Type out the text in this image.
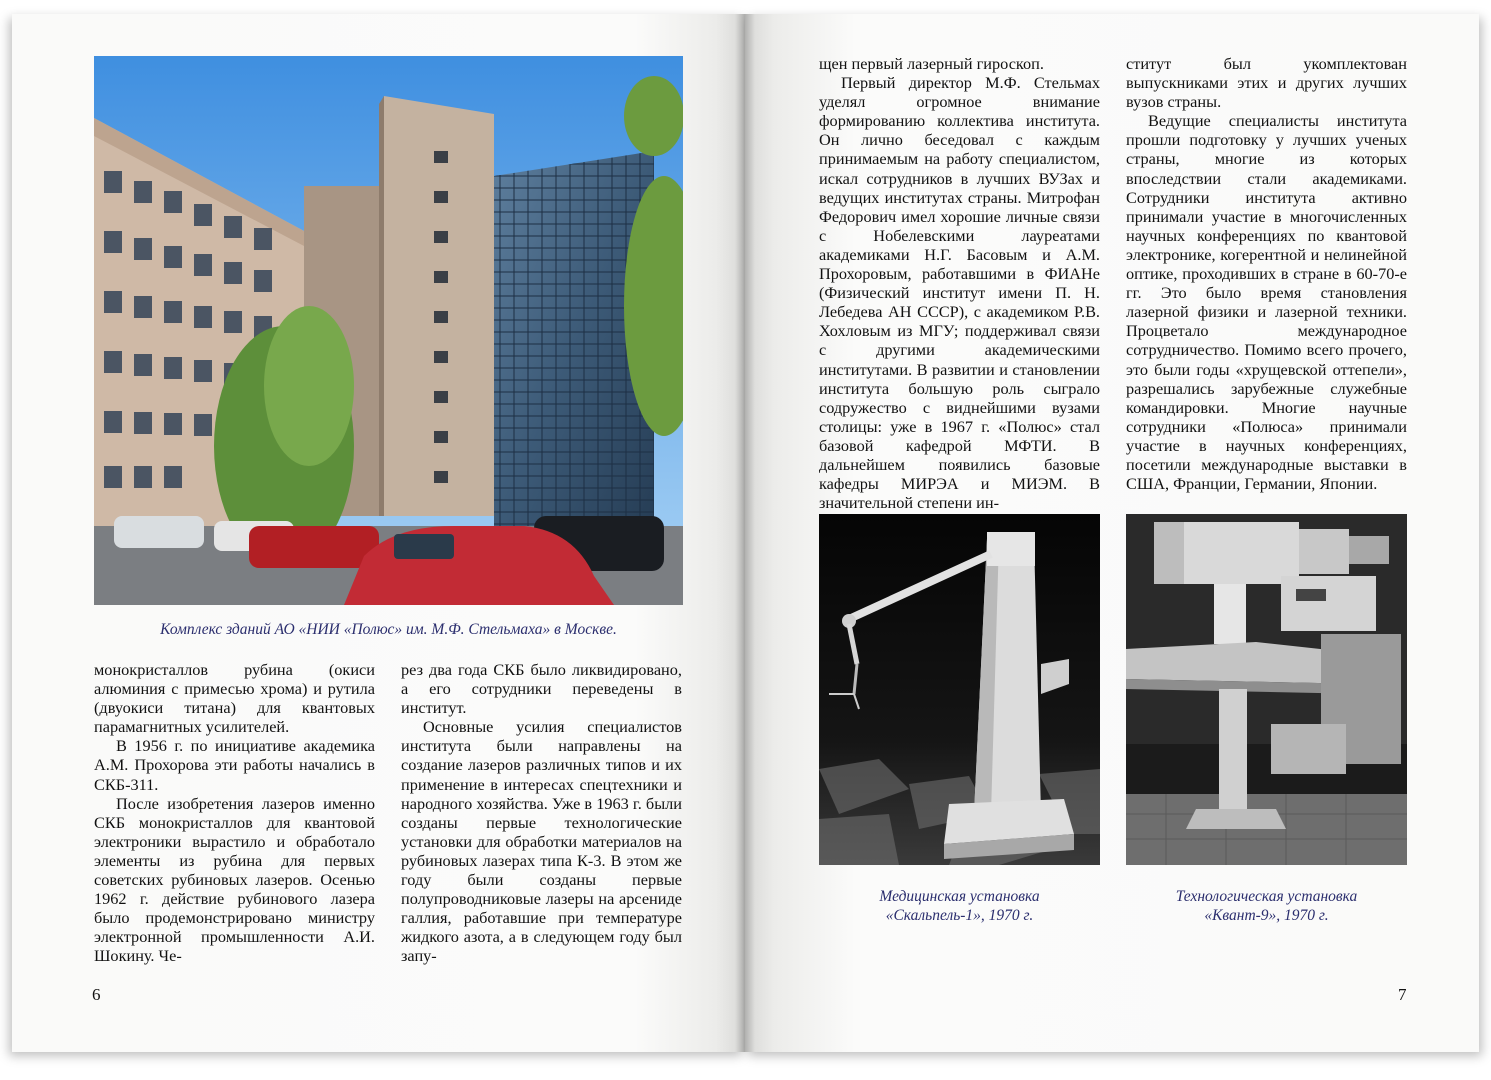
Комплекс зданий АО «НИИ «Полюс» им. М.Ф. Стельмаха» в Москве.

монокристаллов рубина (окиси алюминия с примесью хрома) и рутила (двуокиси титана) для квантовых парамагнитных усилителей.

В 1956 г. по инициативе академика А.М. Прохорова эти работы начались в СКБ-311.

После изобретения лазеров именно СКБ монокристаллов для квантовой электроники вырастило и обработало элементы из рубина для первых советских рубиновых лазеров. Осенью 1962 г. действие рубинового лазера было продемонстрировано министру электронной промышленности А.И. Шокину. Че-

рез два года СКБ было ликвидировано, а его сотрудники переведены в институт.

Основные усилия специалистов института были направлены на создание лазеров различных типов и их применение в интересах спецтехники и народного хозяйства. Уже в 1963 г. были созданы первые технологические установки для обработки материалов на рубиновых лазерах типа К-3. В этом же году были созданы первые полупроводниковые лазеры на арсениде галлия, работавшие при температуре жидкого азота, а в следующем году был запу-

6

щен первый лазерный гироскоп.

Первый директор М.Ф. Стельмах уделял огромное внимание формированию коллектива института. Он лично беседовал с каждым принимаемым на работу специалистом, искал сотрудников в лучших ВУЗах и ведущих институтах страны. Митрофан Федорович имел хорошие личные связи с Нобелевскими лауреатами академиками Н.Г. Басовым и А.М. Прохоровым, работавшими в ФИАНе (Физический институт имени П. Н. Лебедева АН СССР), с академиком Р.В. Хохловым из МГУ; поддерживал связи с другими академическими институтами. В развитии и становлении института большую роль сыграло содружество с виднейшими вузами столицы: уже в 1967 г. «Полюс» стал базовой кафедрой МФТИ. В дальнейшем появились базовые кафедры МИРЭА и МИЭМ. В значительной степени ин-

ститут был укомплектован выпускниками этих и других лучших вузов страны.

Ведущие специалисты института прошли подготовку у лучших ученых страны, многие из которых впоследствии стали академиками. Сотрудники института активно принимали участие в многочисленных научных конференциях по квантовой электронике, когерентной и нелинейной оптике, проходивших в стране в 60-70-е гг. Это было время становления лазерной физики и лазерной техники. Процветало международное сотрудничество. Помимо всего прочего, это были годы «хрущевской оттепели», разрешались зарубежные служебные командировки. Многие научные сотрудники «Полюса» принимали участие в научных конференциях, посетили международные выставки в США, Франции, Германии, Японии.

Медицинская установка
«Скальпель-1», 1970 г.
Технологическая установка
«Квант-9», 1970 г.
7
